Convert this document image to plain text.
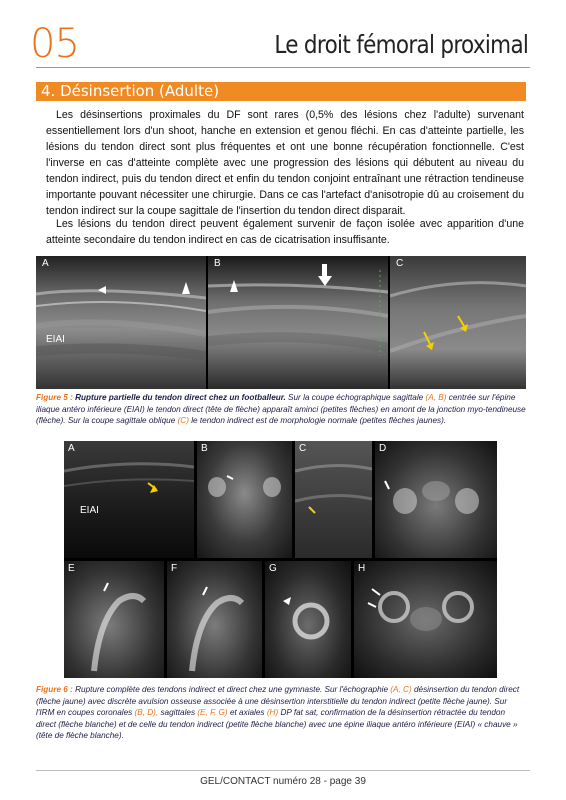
05	Le droit fémoral proximal
4. Désinsertion (Adulte)

Les désinsertions proximales du DF sont rares (0,5% des lésions chez l'adulte) survenant essentiellement lors d'un shoot, hanche en extension et genou fléchi. En cas d'atteinte partielle, les lésions du tendon direct sont plus fréquentes et ont une bonne récupération fonctionnelle. C'est l'inverse en cas d'atteinte complète avec une progression des lésions qui débutent au niveau du tendon indirect, puis du tendon direct et enfin du tendon conjoint entraînant une rétraction tendineuse importante pouvant nécessiter une chirurgie. Dans ce cas l'artefact d'anisotropie dû au croisement du tendon indirect sur la coupe sagittale de l'insertion du tendon direct disparait.

Les lésions du tendon direct peuvent également survenir de façon isolée avec apparition d'une atteinte secondaire du tendon indirect en cas de cicatrisation insuffisante.

A
EIAI
B	C
Figure 5 : Rupture partielle du tendon direct chez un footballeur. Sur la coupe échographique sagittale (A, B) centrée sur l'épine iliaque antéro inférieure (EIAI) le tendon direct (tête de flèche) apparaît aminci (petites flèches) en amont de la jonction myo-tendineuse (flèche). Sur la coupe sagittale oblique (C) le tendon indirect est de morphologie normale (petites flèches jaunes).
A
EIAI
B	C	D
E	F	G	H
Figure 6 : Rupture complète des tendons indirect et direct chez une gymnaste. Sur l'échographie (A, C) désinsertion du tendon direct (flèche jaune) avec discrète avulsion osseuse associée à une désinsertion interstitielle du tendon indirect (petite flèche jaune). Sur l'IRM en coupes coronales (B, D), sagittales (E, F, G) et axiales (H) DP fat sat, confirmation de la désinsertion rétractée du tendon direct (flèche blanche) et de celle du tendon indirect (petite flèche blanche) avec une épine iliaque antéro inférieure (EIAI) « chauve » (tête de flèche blanche).
GEL/CONTACT numéro 28 - page 39
